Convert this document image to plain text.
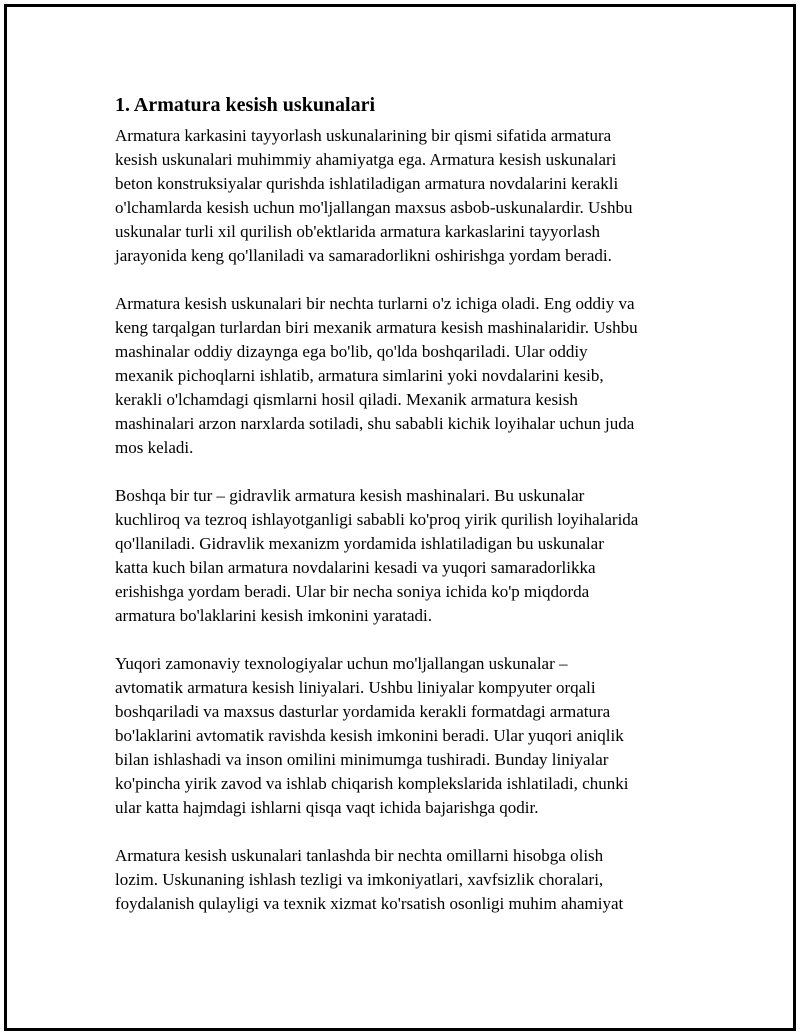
1. Armatura kesish uskunalari
Armatura karkasini tayyorlash uskunalarining bir qismi sifatida armatura
kesish uskunalari muhimmiy ahamiyatga ega. Armatura kesish uskunalari
beton konstruksiyalar qurishda ishlatiladigan armatura novdalarini kerakli
o'lchamlarda kesish uchun mo'ljallangan maxsus asbob-uskunalardir. Ushbu
uskunalar turli xil qurilish ob'ektlarida armatura karkaslarini tayyorlash
jarayonida keng qo'llaniladi va samaradorlikni oshirishga yordam beradi.
Armatura kesish uskunalari bir nechta turlarni o'z ichiga oladi. Eng oddiy va
keng tarqalgan turlardan biri mexanik armatura kesish mashinalaridir. Ushbu
mashinalar oddiy dizaynga ega bo'lib, qo'lda boshqariladi. Ular oddiy
mexanik pichoqlarni ishlatib, armatura simlarini yoki novdalarini kesib,
kerakli o'lchamdagi qismlarni hosil qiladi. Mexanik armatura kesish
mashinalari arzon narxlarda sotiladi, shu sababli kichik loyihalar uchun juda
mos keladi.
Boshqa bir tur – gidravlik armatura kesish mashinalari. Bu uskunalar
kuchliroq va tezroq ishlayotganligi sababli ko'proq yirik qurilish loyihalarida
qo'llaniladi. Gidravlik mexanizm yordamida ishlatiladigan bu uskunalar
katta kuch bilan armatura novdalarini kesadi va yuqori samaradorlikka
erishishga yordam beradi. Ular bir necha soniya ichida ko'p miqdorda
armatura bo'laklarini kesish imkonini yaratadi.
Yuqori zamonaviy texnologiyalar uchun mo'ljallangan uskunalar –
avtomatik armatura kesish liniyalari. Ushbu liniyalar kompyuter orqali
boshqariladi va maxsus dasturlar yordamida kerakli formatdagi armatura
bo'laklarini avtomatik ravishda kesish imkonini beradi. Ular yuqori aniqlik
bilan ishlashadi va inson omilini minimumga tushiradi. Bunday liniyalar
ko'pincha yirik zavod va ishlab chiqarish komplekslarida ishlatiladi, chunki
ular katta hajmdagi ishlarni qisqa vaqt ichida bajarishga qodir.
Armatura kesish uskunalari tanlashda bir nechta omillarni hisobga olish
lozim. Uskunaning ishlash tezligi va imkoniyatlari, xavfsizlik choralari,
foydalanish qulayligi va texnik xizmat ko'rsatish osonligi muhim ahamiyat
